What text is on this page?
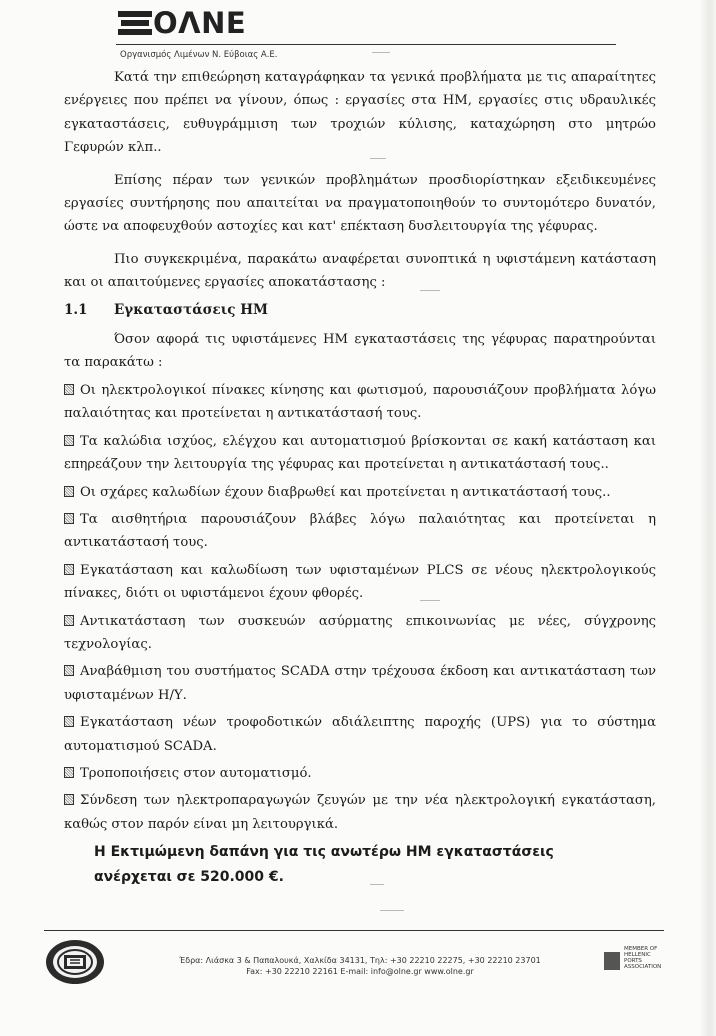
ΟΛΝΕ
Οργανισμός Λιμένων Ν. Εύβοιας Α.Ε.

Κατά την επιθεώρηση καταγράφηκαν τα γενικά προβλήματα με τις απαραίτητες ενέργειες που πρέπει να γίνουν, όπως : εργασίες στα ΗΜ, εργασίες στις υδραυλικές εγκαταστάσεις, ευθυγράμμιση των τροχιών κύλισης, καταχώρηση στο μητρώο Γεφυρών κλπ..

Επίσης πέραν των γενικών προβλημάτων προσδιορίστηκαν εξειδικευμένες εργασίες συντήρησης που απαιτείται να πραγματοποιηθούν το συντομότερο δυνατόν, ώστε να αποφευχθούν αστοχίες και κατ' επέκταση δυσλειτουργία της γέφυρας.

Πιο συγκεκριμένα, παρακάτω αναφέρεται συνοπτικά η υφιστάμενη κατάσταση και οι απαιτούμενες εργασίες αποκατάστασης :

1.1 Εγκαταστάσεις ΗΜ

Όσον αφορά τις υφιστάμενες ΗΜ εγκαταστάσεις της γέφυρας παρατηρούνται τα παρακάτω :

Οι ηλεκτρολογικοί πίνακες κίνησης και φωτισμού, παρουσιάζουν προβλήματα λόγω παλαιότητας και προτείνεται η αντικατάστασή τους.

Τα καλώδια ισχύος, ελέγχου και αυτοματισμού βρίσκονται σε κακή κατάσταση και επηρεάζουν την λειτουργία της γέφυρας και προτείνεται η αντικατάστασή τους..

Οι σχάρες καλωδίων έχουν διαβρωθεί και προτείνεται η αντικατάστασή τους..

Τα αισθητήρια παρουσιάζουν βλάβες λόγω παλαιότητας και προτείνεται η αντικατάστασή τους.

Εγκατάσταση και καλωδίωση των υφισταμένων PLCS σε νέους ηλεκτρολογικούς πίνακες, διότι οι υφιστάμενοι έχουν φθορές.

Αντικατάσταση των συσκευών ασύρματης επικοινωνίας με νέες, σύγχρονης τεχνολογίας.

Αναβάθμιση του συστήματος SCADA στην τρέχουσα έκδοση και αντικατάσταση των υφισταμένων Η/Υ.

Εγκατάσταση νέων τροφοδοτικών αδιάλειπτης παροχής (UPS) για το σύστημα αυτοματισμού SCADA.

Τροποποιήσεις στον αυτοματισμό.

Σύνδεση των ηλεκτροπαραγωγών ζευγών με την νέα ηλεκτρολογική εγκατάσταση, καθώς στον παρόν είναι μη λειτουργικά.

Η Εκτιμώμενη δαπάνη για τις ανωτέρω ΗΜ εγκαταστάσεις
ανέρχεται σε 520.000 €.
Έδρα: Λιάσκα 3 & Παπαλουκά, Χαλκίδα 34131, Τηλ: +30 22210 22275, +30 22210 23701
Fax: +30 22210 22161 E-mail: info@olne.gr www.olne.gr
MEMBER OF
HELLENIC
PORTS
ASSOCIATION
